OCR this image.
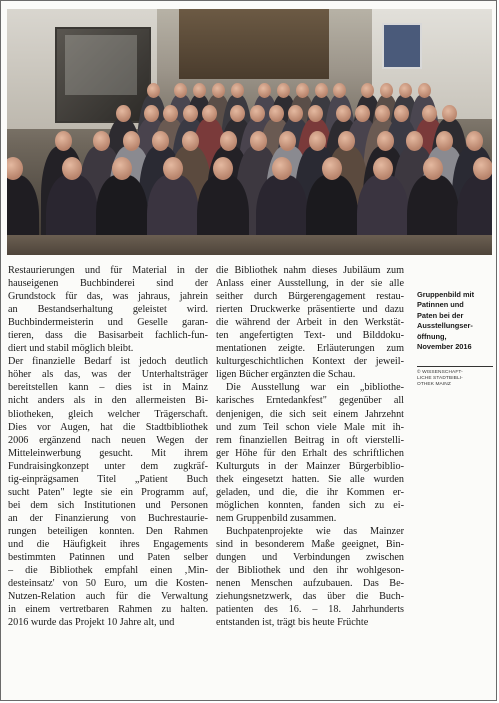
Restaurierungen und für Material in der
hauseigenen Buchbinderei sind der
Grundstock für das, was jahraus, jahrein
an Bestandserhaltung geleistet wird.
Buchbindermeisterin und Geselle garan-
tieren, dass die Basisarbeit fachlich-fun-
diert und stabil möglich bleibt.
Der finanzielle Bedarf ist jedoch deutlich
höher als das, was der Unterhaltsträger
bereitstellen kann – dies ist in Mainz
nicht anders als in den allermeisten Bi-
bliotheken, gleich welcher Trägerschaft.
Dies vor Augen, hat die Stadtbibliothek
2006 ergänzend nach neuen Wegen der
Mitteleinwerbung gesucht. Mit ihrem
Fundraisingkonzept unter dem zugkräf-
tig-einprägsamen Titel „Patient Buch
sucht Paten" legte sie ein Programm auf,
bei dem sich Institutionen und Personen
an der Finanzierung von Buchrestaurie-
rungen beteiligen konnten. Den Rahmen
und die Häufigkeit ihres Engagements
bestimmten Patinnen und Paten selber
– die Bibliothek empfahl einen ‚Min-
desteinsatz' von 50 Euro, um die Kosten-
Nutzen-Relation auch für die Verwaltung
in einem vertretbaren Rahmen zu halten.
2016 wurde das Projekt 10 Jahre alt, und
die Bibliothek nahm dieses Jubiläum zum
Anlass einer Ausstellung, in der sie alle
seither durch Bürgerengagement restau-
rierten Druckwerke präsentierte und dazu
die während der Arbeit in den Werkstät-
ten angefertigten Text- und Bilddoku-
mentationen zeigte. Erläuterungen zum
kulturgeschichtlichen Kontext der jeweil-
ligen Bücher ergänzten die Schau.
Die Ausstellung war ein „bibliothe-
karisches Erntedankfest" gegenüber all
denjenigen, die sich seit einem Jahrzehnt
und zum Teil schon viele Male mit ih-
rem finanziellen Beitrag in oft vierstelli-
ger Höhe für den Erhalt des schriftlichen
Kulturguts in der Mainzer Bürgerbiblio-
thek eingesetzt hatten. Sie alle wurden
geladen, und die, die ihr Kommen er-
möglichen konnten, fanden sich zu ei-
nem Gruppenbild zusammen.
Buchpatenprojekte wie das Mainzer
sind in besonderem Maße geeignet, Bin-
dungen und Verbindungen zwischen
der Bibliothek und den ihr wohlgeson-
nenen Menschen aufzubauen. Das Be-
ziehungsnetzwerk, das über die Buch-
patienten des 16. – 18. Jahrhunderts
entstanden ist, trägt bis heute Früchte
Gruppenbild mit
Patinnen und
Paten bei der
Ausstellungser-
öffnung,
November 2016
© WISSENSCHAFT-
LICHE STADTBIBLI-
OTHEK MAINZ
